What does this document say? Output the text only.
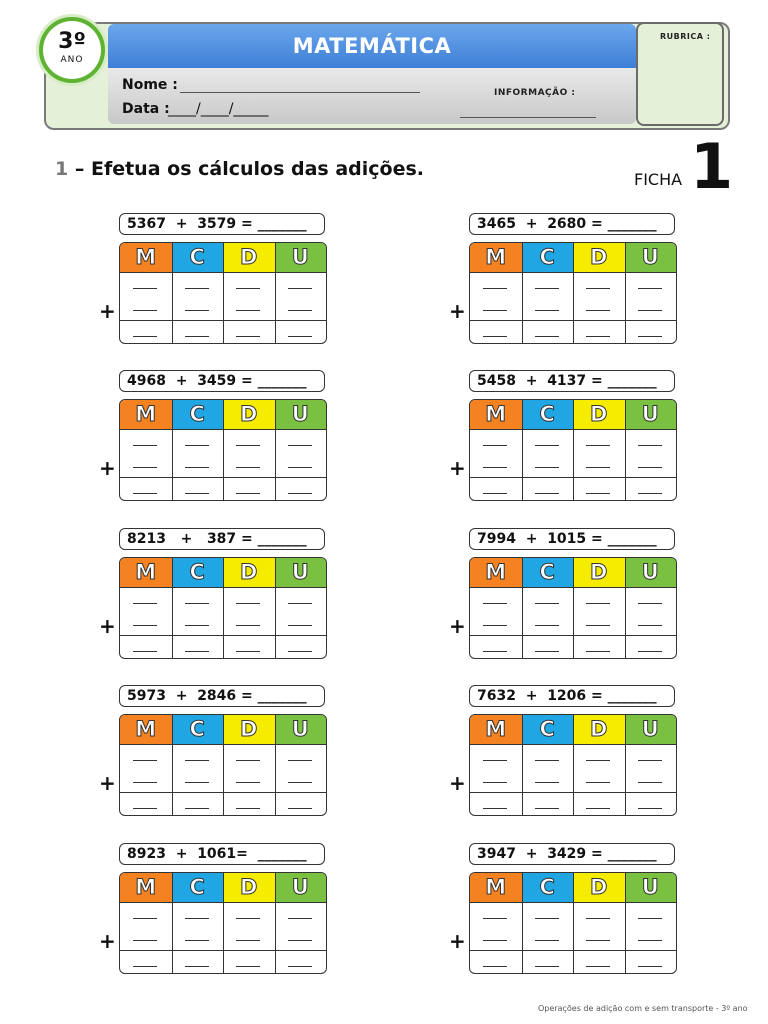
MATEMÁTICA	RUBRICA :
3º
ANO
Nome :
Data :
____/____/_____
INFORMAÇÃO :
1 – Efetua os cálculos das adições.	FICHA 1
5367  +  3579 = _______
M	C	D	U
+
3465  +  2680 = _______
M	C	D	U
+
4968  +  3459 = _______
M	C	D	U
+
5458  +  4137 = _______
M	C	D	U
+
8213   +   387 = _______
M	C	D	U
+
7994  +  1015 = _______
M	C	D	U
+
5973  +  2846 = _______
M	C	D	U
+
7632  +  1206 = _______
M	C	D	U
+
8923  +  1061=  _______
M	C	D	U
+
3947  +  3429 = _______
M	C	D	U
+
Operações de adição com e sem transporte - 3º ano
